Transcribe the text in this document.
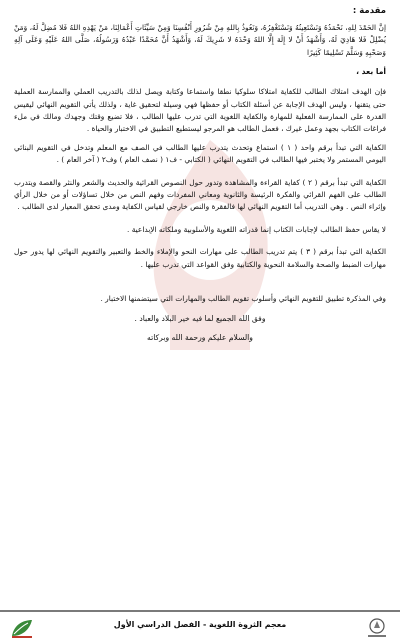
مقدمة :

إنَّ الحَمْدَ لِلهِ، نَحْمَدُهُ وَنَسْتَعِينُهُ وَنَسْتَغْفِرُهُ، وَنَعُوذُ بِاللهِ مِنْ شُرُورِ أَنْفُسِنَا وَمِنْ سَيِّئَاتِ أَعْمَالِنَا، مَنْ يَهْدِهِ اللهُ فَلا مُضِلَّ لَهُ، وَمَنْ يُضْلِلْ فَلا هَادِيَ لَهُ، وَأَشْهَدُ أَنْ لا إِلَهَ إِلَّا اللهُ وَحْدَهُ لا شَرِيكَ لَهُ، وَأَشْهَدُ أَنَّ مُحَمَّدًا عَبْدُهُ وَرَسُولُهُ، صَلَّى اللهُ عَلَيْهِ وَعَلَى آلِهِ وَصَحْبِهِ وَسَلَّمَ تَسْلِيمًا كَثِيرًا

أما بعد ،

فإن الهدف امتلاك الطالب للكفاية امتلاكا سلوكيا نطقا واستماعا وكتابة ويصل لذلك بالتدريب العملي والممارسة العملية حتى يتقنها ، وليس الهدف الإجابة عن أسئلة الكتاب أو حفظها فهي وسيلة لتحقيق غاية ، ولذلك يأتي التقويم النهائي ليقيس القدرة على الممارسة الفعلية للمهارة والكفاية اللغوية التي تدرب عليها الطالب ، فلا تضيع وقتك وجهدك ومالك في ملء فراغات الكتاب بجهد وعمل غيرك ، فعمل الطالب هو المرجو ليستطيع التطبيق في الاختبار والحياة .

الكفاية التي تبدأ برقم واحد ( ١ ) استماع وتحدث يتدرب عليها الطالب في الصف مع المعلم وتدخل في التقويم البنائي اليومي المستمر ولا يختبر فيها الطالب في التقويم النهائي ( الكتابي - ف١ ( نصف العام ) وف٢ ( آخر العام ) .

الكفاية التي تبدأ برقم ( ٢ ) كفاية القراءة والمشاهدة وتدور حول النصوص القرائية والحديث والشعر والنثر والقصة ويتدرب الطالب على الفهم القرائي والفكرة الرئيسة والثانوية ومعاني المفردات وفهم النص من خلال تساؤلات أو من خلال الرأي وإثراء النص . وهي التدريب أما التقويم النهائي لها فالفقرة والنص خارجي لقياس الكفاية ومدى تحقق المعيار لدى الطالب .

لا يقاس حفظ الطالب لإجابات الكتاب إنما قدراته اللغوية والأسلوبية وملكاته الإبداعية .

الكفاية التي تبدأ برقم ( ٣ ) يتم تدريب الطالب على مهارات النحو والإملاء والخط والتعبير والتقويم النهائي لها يدور حول مهارات الضبط والصحة والسلامة النحوية والكتابية وفق القواعد التي تدرب عليها .

وفي المذكرة تطبيق للتقويم النهائي وأسلوب تقويم الطالب والمهارات التي سيتضمنها الاختبار .

وفق الله الجميع لما فيه خير البلاد والعباد .

والسلام عليكم ورحمة الله وبركاته

معجم الثروة اللغوية - الفصل الدراسي الأول
